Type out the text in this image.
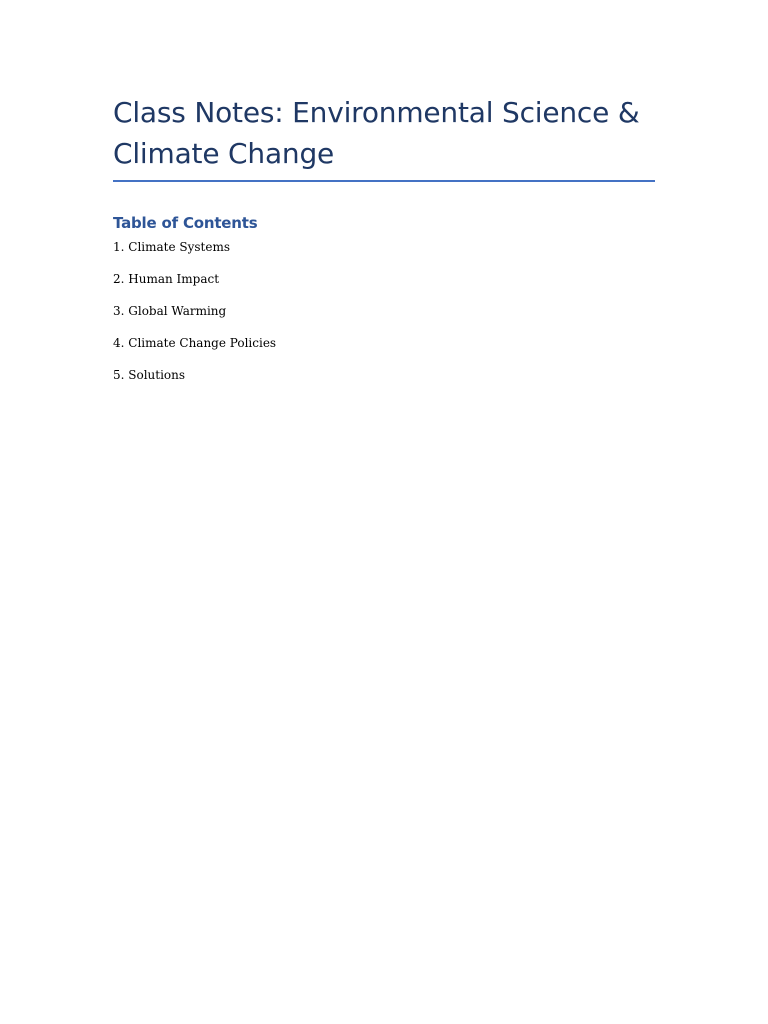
Class Notes: Environmental Science & Climate Change
Table of Contents
1. Climate Systems
2. Human Impact
3. Global Warming
4. Climate Change Policies
5. Solutions
